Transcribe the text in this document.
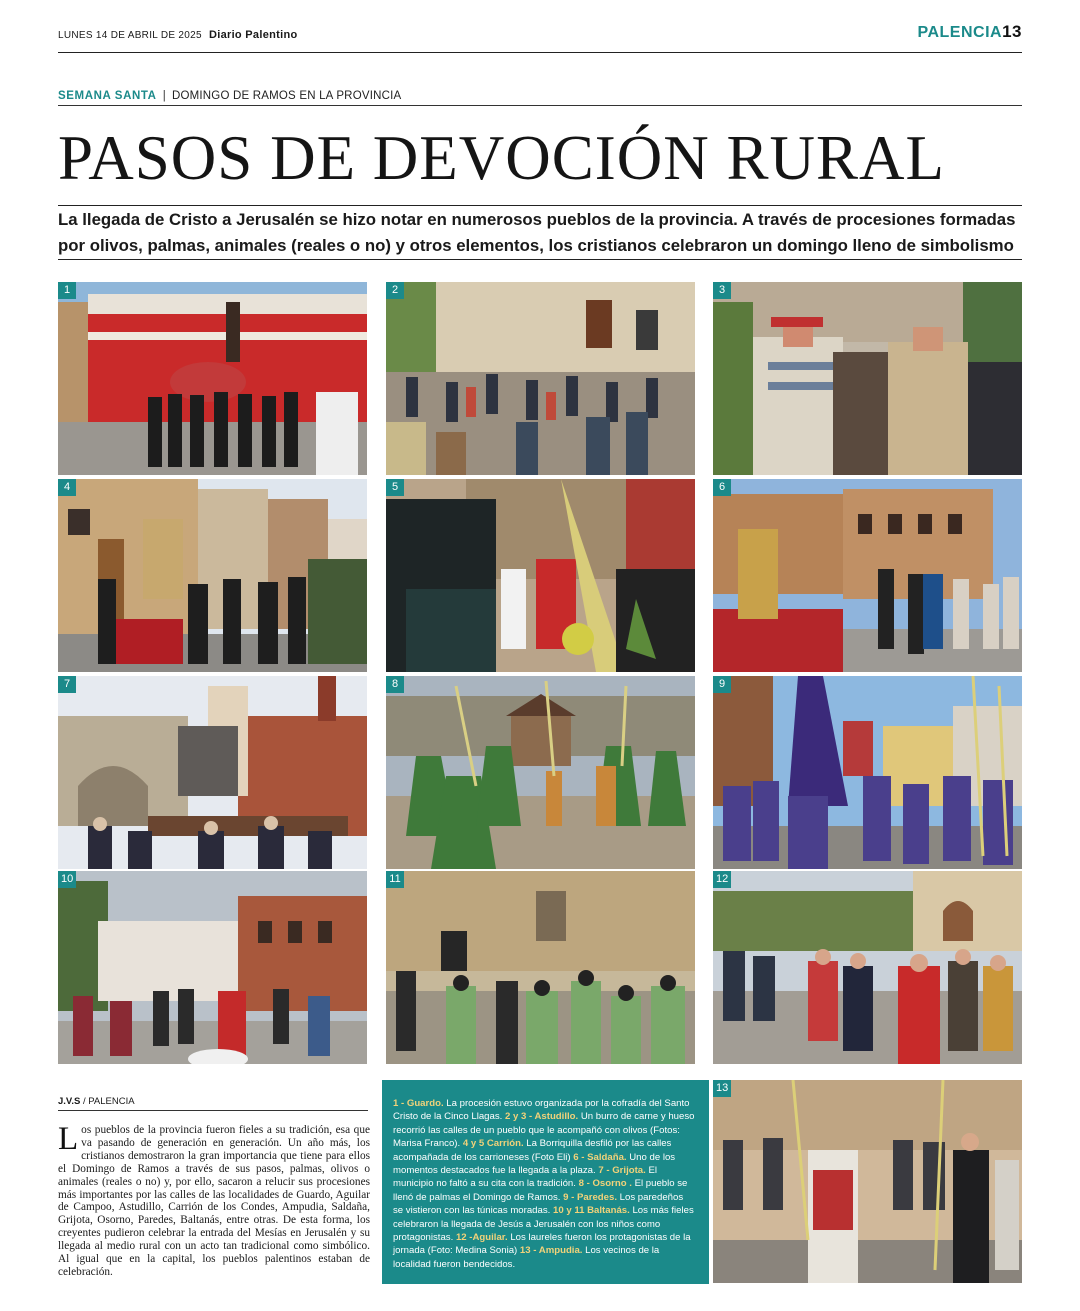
LUNES 14 DE ABRIL DE 2025 Diario Palentino	PALENCIA13
SEMANA SANTA | DOMINGO DE RAMOS EN LA PROVINCIA
PASOS DE DEVOCIÓN RURAL
La llegada de Cristo a Jerusalén se hizo notar en numerosos pueblos de la provincia. A través de procesiones formadas
por olivos, palmas, animales (reales o no) y otros elementos, los cristianos celebraron un domingo lleno de simbolismo
1	2	3
4	5	6
7	8	9
10	11	12
13
J.V.S / PALENCIA
Los pueblos de la provincia fueron fieles a su tradición, esa que va pasando de generación en generación. Un año más, los cristianos demostraron la gran importancia que tiene para ellos el Domingo de Ramos a través de sus pasos, palmas, olivos o animales (reales o no) y, por ello, sacaron a relucir sus procesiones más importantes por las calles de las localidades de Guardo, Aguilar de Campoo, Astudillo, Carrión de los Condes, Ampudia, Saldaña, Grijota, Osorno, Paredes, Baltanás, entre otras. De esta forma, los creyentes pudieron celebrar la entrada del Mesías en Jerusalén y su llegada al medio rural con un acto tan tradicional como simbólico. Al igual que en la capital, los pueblos palentinos estaban de celebración.
1 - Guardo. La procesión estuvo organizada por la cofradía del Santo Cristo de la Cinco Llagas. 2 y 3 - Astudillo. Un burro de carne y hueso recorrió las calles de un pueblo que le acompañó con olivos (Fotos: Marisa Franco). 4 y 5 Carrión. La Borriquilla desfiló por las calles acompañada de los carrioneses (Foto Eli) 6 - Saldaña. Uno de los momentos destacados fue la llegada a la plaza. 7 - Grijota. El municipio no faltó a su cita con la tradición. 8 - Osorno . El pueblo se llenó de palmas el Domingo de Ramos. 9 - Paredes. Los paredeños se vistieron con las túnicas moradas. 10 y 11 Baltanás. Los más fieles celebraron la llegada de Jesús a Jerusalén con los niños como protagonistas. 12 -Aguilar. Los laureles fueron los protagonistas de la jornada (Foto: Medina Sonia) 13 - Ampudia. Los vecinos de la localidad fueron bendecidos.
